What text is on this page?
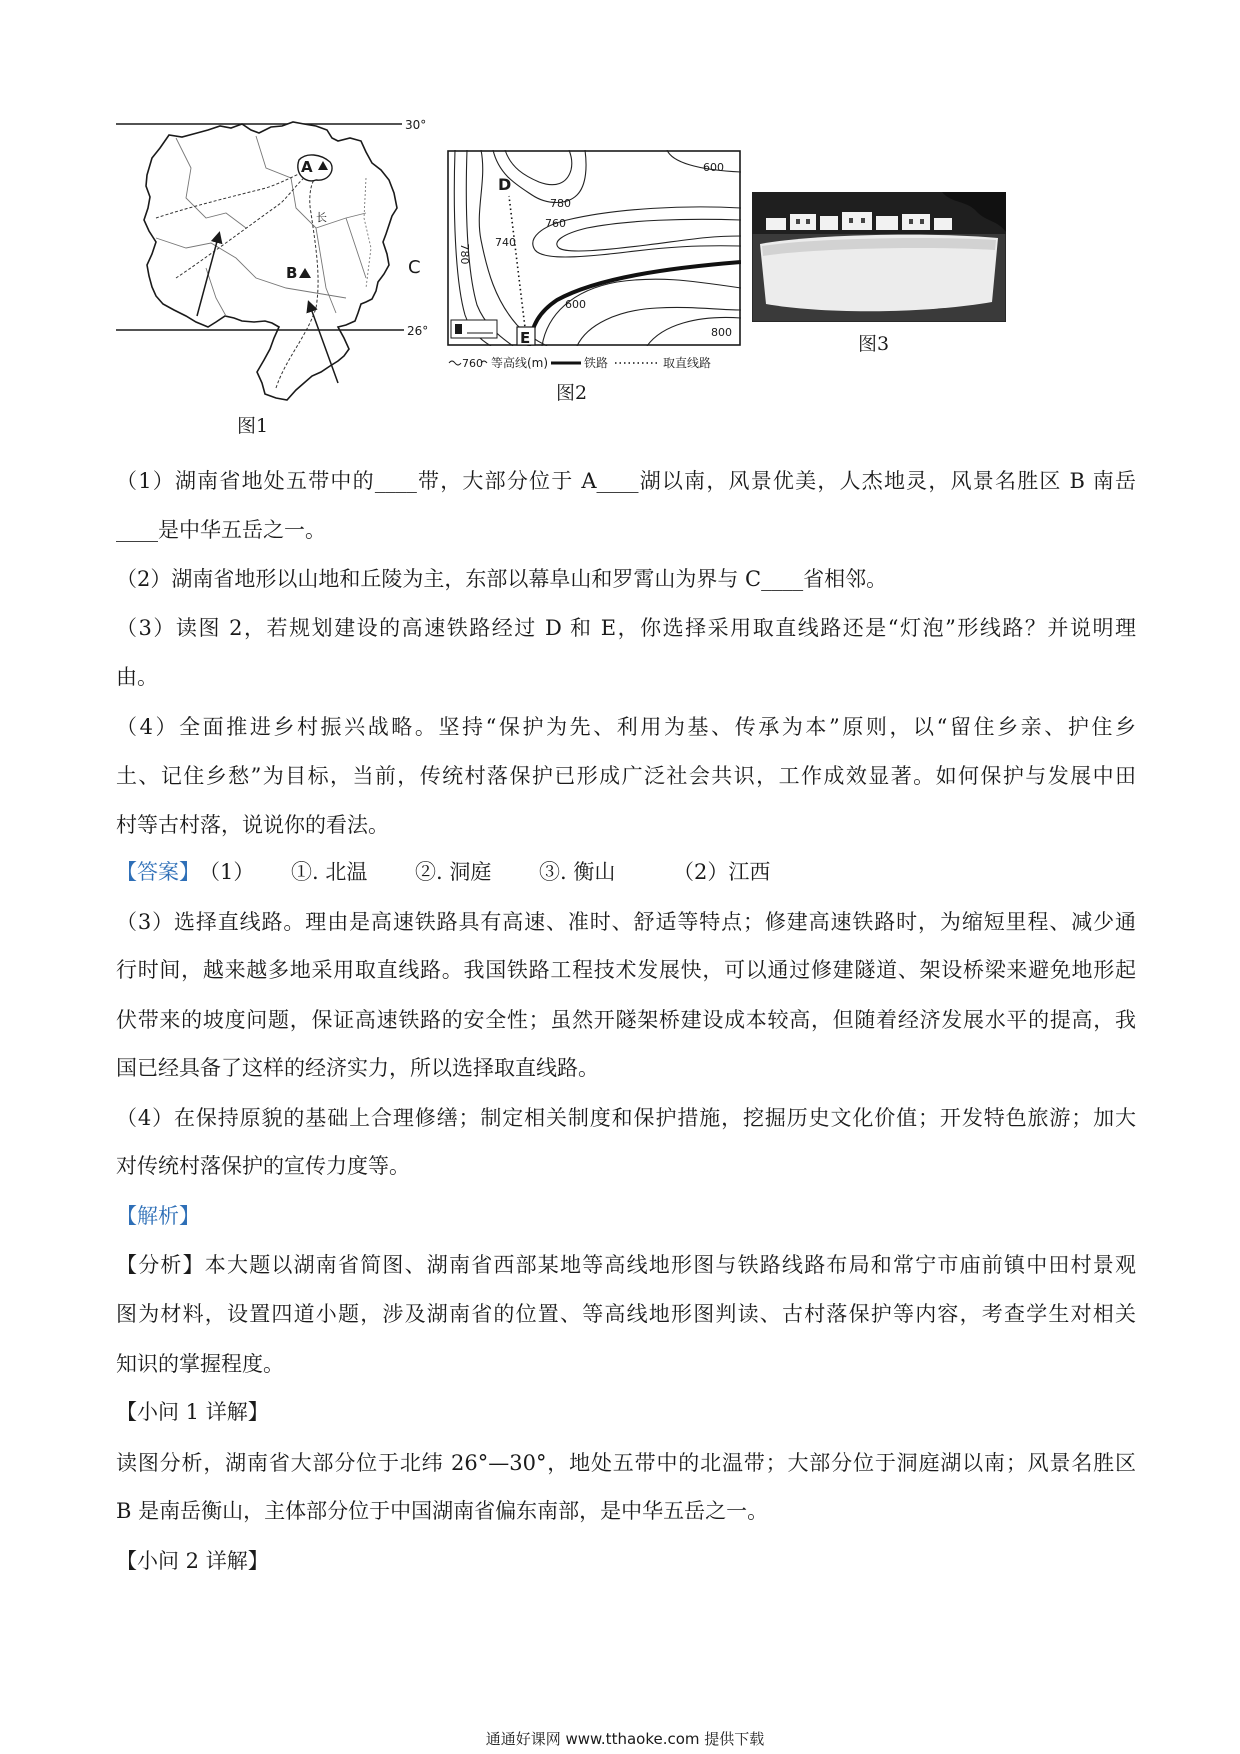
30°
A
长
B	C
26°
图1
E
D
600
780
760
740
780
600
800
760 等高线(m)	铁路	取直线路
图2
图3
（1）湖南省地处五带中的____带，大部分位于 A____湖以南，风景优美，人杰地灵，风景名胜区 B 南岳
____是中华五岳之一。
（2）湖南省地形以山地和丘陵为主，东部以幕阜山和罗霄山为界与 C____省相邻。
（3）读图 2，若规划建设的高速铁路经过 D 和 E，你选择采用取直线路还是“灯泡”形线路？并说明理
由。
（4）全面推进乡村振兴战略。坚持“保护为先、利用为基、传承为本”原则，以“留住乡亲、护住乡
土、记住乡愁”为目标，当前，传统村落保护已形成广泛社会共识，工作成效显著。如何保护与发展中田
村等古村落，说说你的看法。
【答案】 （1） ①. 北温 ②. 洞庭 ③. 衡山	（2）江西
（3）选择直线路。理由是高速铁路具有高速、准时、舒适等特点；修建高速铁路时，为缩短里程、减少通
行时间，越来越多地采用取直线路。我国铁路工程技术发展快，可以通过修建隧道、架设桥梁来避免地形起
伏带来的坡度问题，保证高速铁路的安全性；虽然开隧架桥建设成本较高，但随着经济发展水平的提高，我
国已经具备了这样的经济实力，所以选择取直线路。
（4）在保持原貌的基础上合理修缮；制定相关制度和保护措施，挖掘历史文化价值；开发特色旅游；加大
对传统村落保护的宣传力度等。
【解析】
【分析】本大题以湖南省简图、湖南省西部某地等高线地形图与铁路线路布局和常宁市庙前镇中田村景观
图为材料，设置四道小题，涉及湖南省的位置、等高线地形图判读、古村落保护等内容，考查学生对相关
知识的掌握程度。
【小问 1 详解】
读图分析，湖南省大部分位于北纬 26°—30°，地处五带中的北温带；大部分位于洞庭湖以南；风景名胜区
B 是南岳衡山，主体部分位于中国湖南省偏东南部，是中华五岳之一。
【小问 2 详解】
通通好课网 www.tthaoke.com 提供下载
